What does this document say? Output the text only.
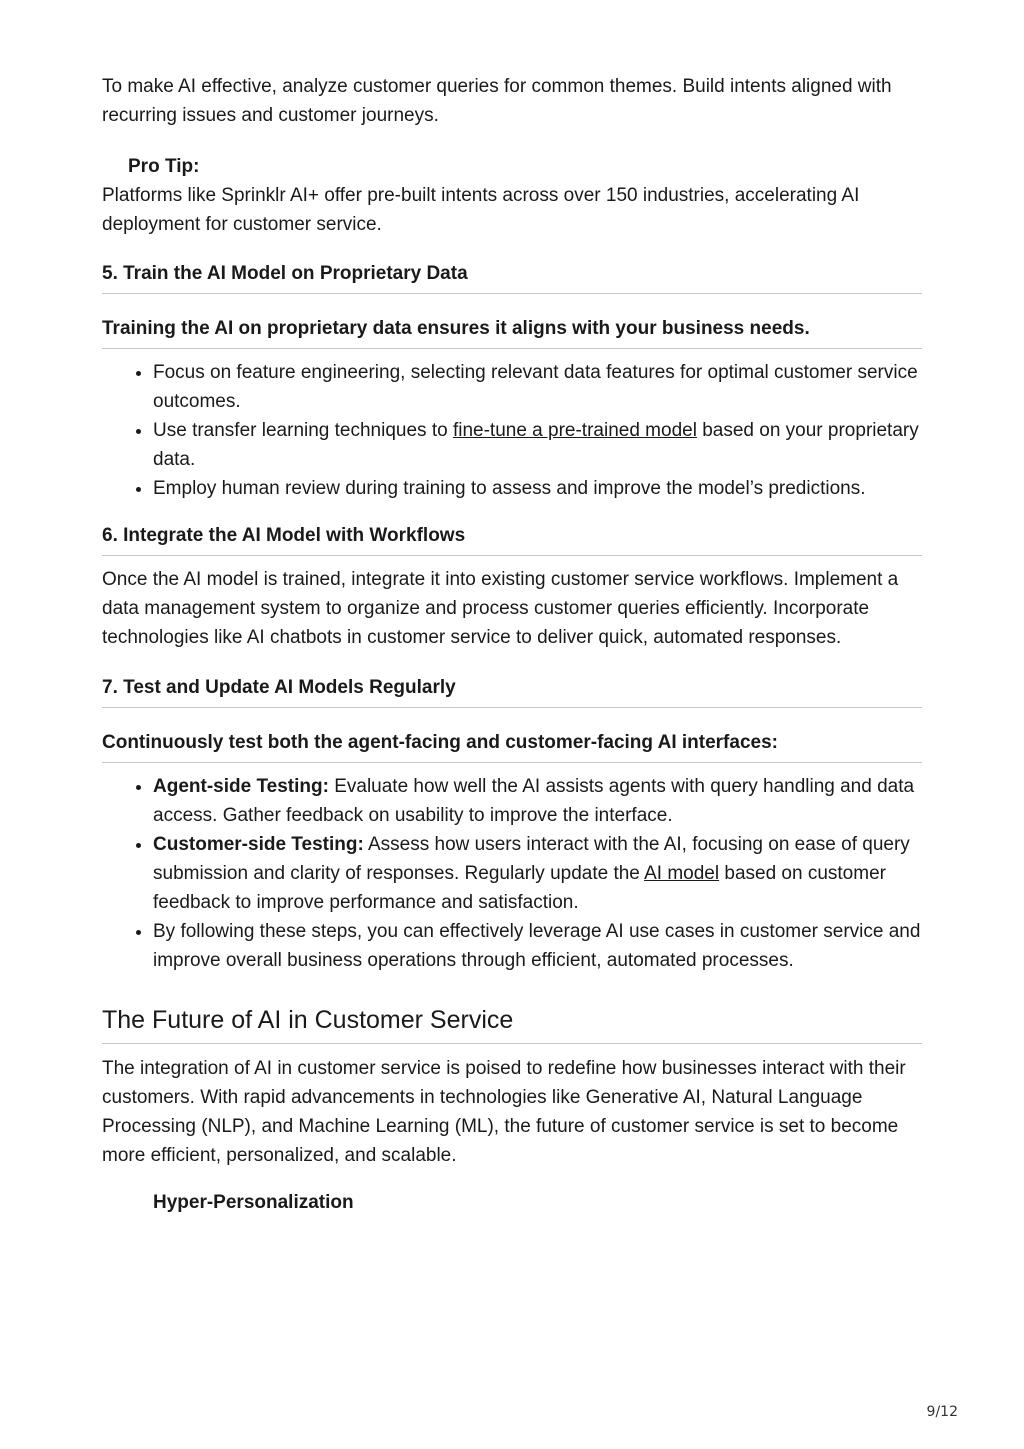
To make AI effective, analyze customer queries for common themes. Build intents aligned with recurring issues and customer journeys.

Pro Tip:

Platforms like Sprinklr AI+ offer pre-built intents across over 150 industries, accelerating AI deployment for customer service.

5. Train the AI Model on Proprietary Data
Training the AI on proprietary data ensures it aligns with your business needs.
• Focus on feature engineering, selecting relevant data features for optimal customer service outcomes.
• Use transfer learning techniques to fine-tune a pre-trained model based on your proprietary data.
• Employ human review during training to assess and improve the model’s predictions.
6. Integrate the AI Model with Workflows

Once the AI model is trained, integrate it into existing customer service workflows. Implement a data management system to organize and process customer queries efficiently. Incorporate technologies like AI chatbots in customer service to deliver quick, automated responses.

7. Test and Update AI Models Regularly
Continuously test both the agent-facing and customer-facing AI interfaces:
• Agent-side Testing: Evaluate how well the AI assists agents with query handling and data access. Gather feedback on usability to improve the interface.
• Customer-side Testing: Assess how users interact with the AI, focusing on ease of query submission and clarity of responses. Regularly update the AI model based on customer feedback to improve performance and satisfaction.
• By following these steps, you can effectively leverage AI use cases in customer service and improve overall business operations through efficient, automated processes.
The Future of AI in Customer Service

The integration of AI in customer service is poised to redefine how businesses interact with their customers. With rapid advancements in technologies like Generative AI, Natural Language Processing (NLP), and Machine Learning (ML), the future of customer service is set to become more efficient, personalized, and scalable.

Hyper-Personalization
9/12
